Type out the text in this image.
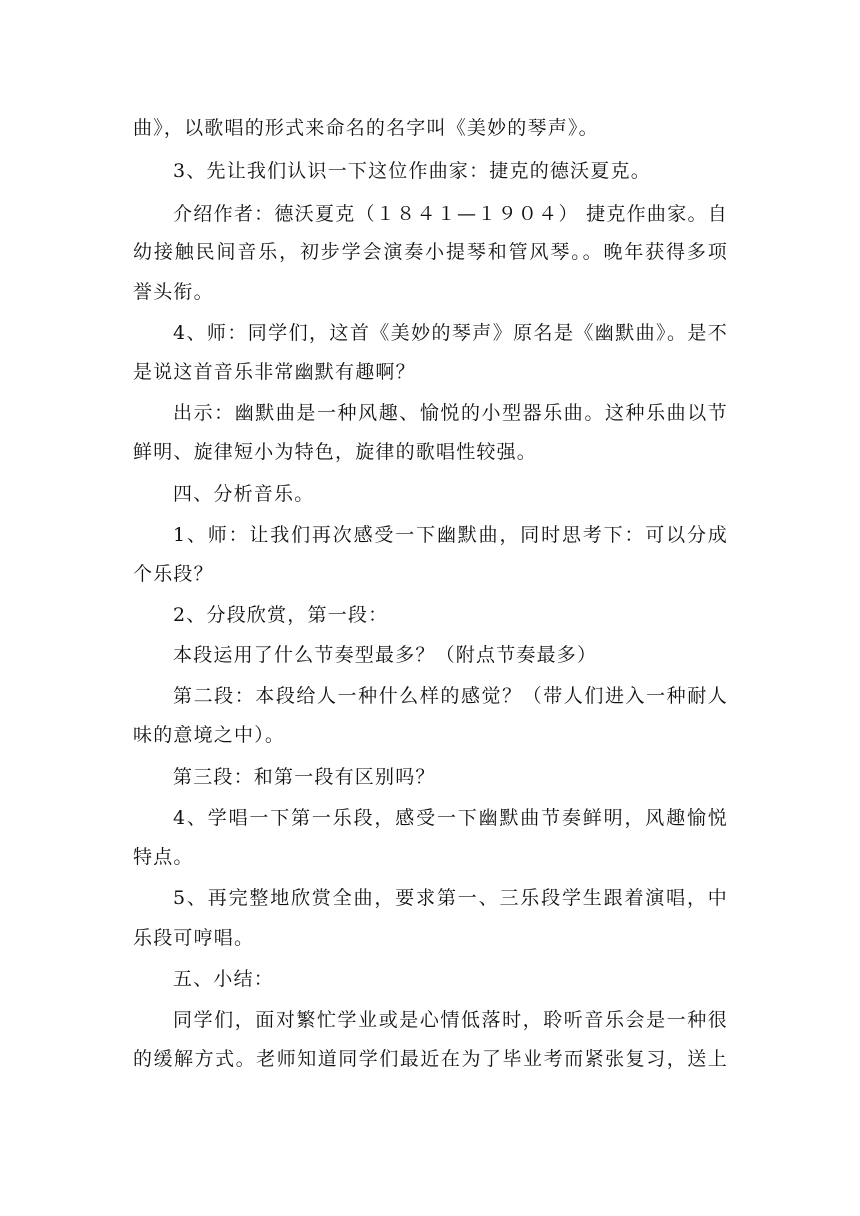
曲》，以歌唱的形式来命名的名字叫《美妙的琴声》。
3、先让我们认识一下这位作曲家：捷克的德沃夏克。
介绍作者：德沃夏克（１８４１—１９０４） 捷克作曲家。自
幼接触民间音乐，初步学会演奏小提琴和管风琴。。晚年获得多项
誉头衔。
4、师：同学们，这首《美妙的琴声》原名是《幽默曲》。是不
是说这首音乐非常幽默有趣啊？
出示：幽默曲是一种风趣、愉悦的小型器乐曲。这种乐曲以节
鲜明、旋律短小为特色，旋律的歌唱性较强。
四、分析音乐。
1、师：让我们再次感受一下幽默曲，同时思考下：可以分成
个乐段？
2、分段欣赏，第一段：
本段运用了什么节奏型最多？（附点节奏最多）
第二段：本段给人一种什么样的感觉？（带人们进入一种耐人
味的意境之中）。
第三段：和第一段有区别吗？
4、学唱一下第一乐段，感受一下幽默曲节奏鲜明，风趣愉悦
特点。
5、再完整地欣赏全曲，要求第一、三乐段学生跟着演唱，中
乐段可哼唱。
五、小结：
同学们，面对繁忙学业或是心情低落时，聆听音乐会是一种很
的缓解方式。老师知道同学们最近在为了毕业考而紧张复习，送上
